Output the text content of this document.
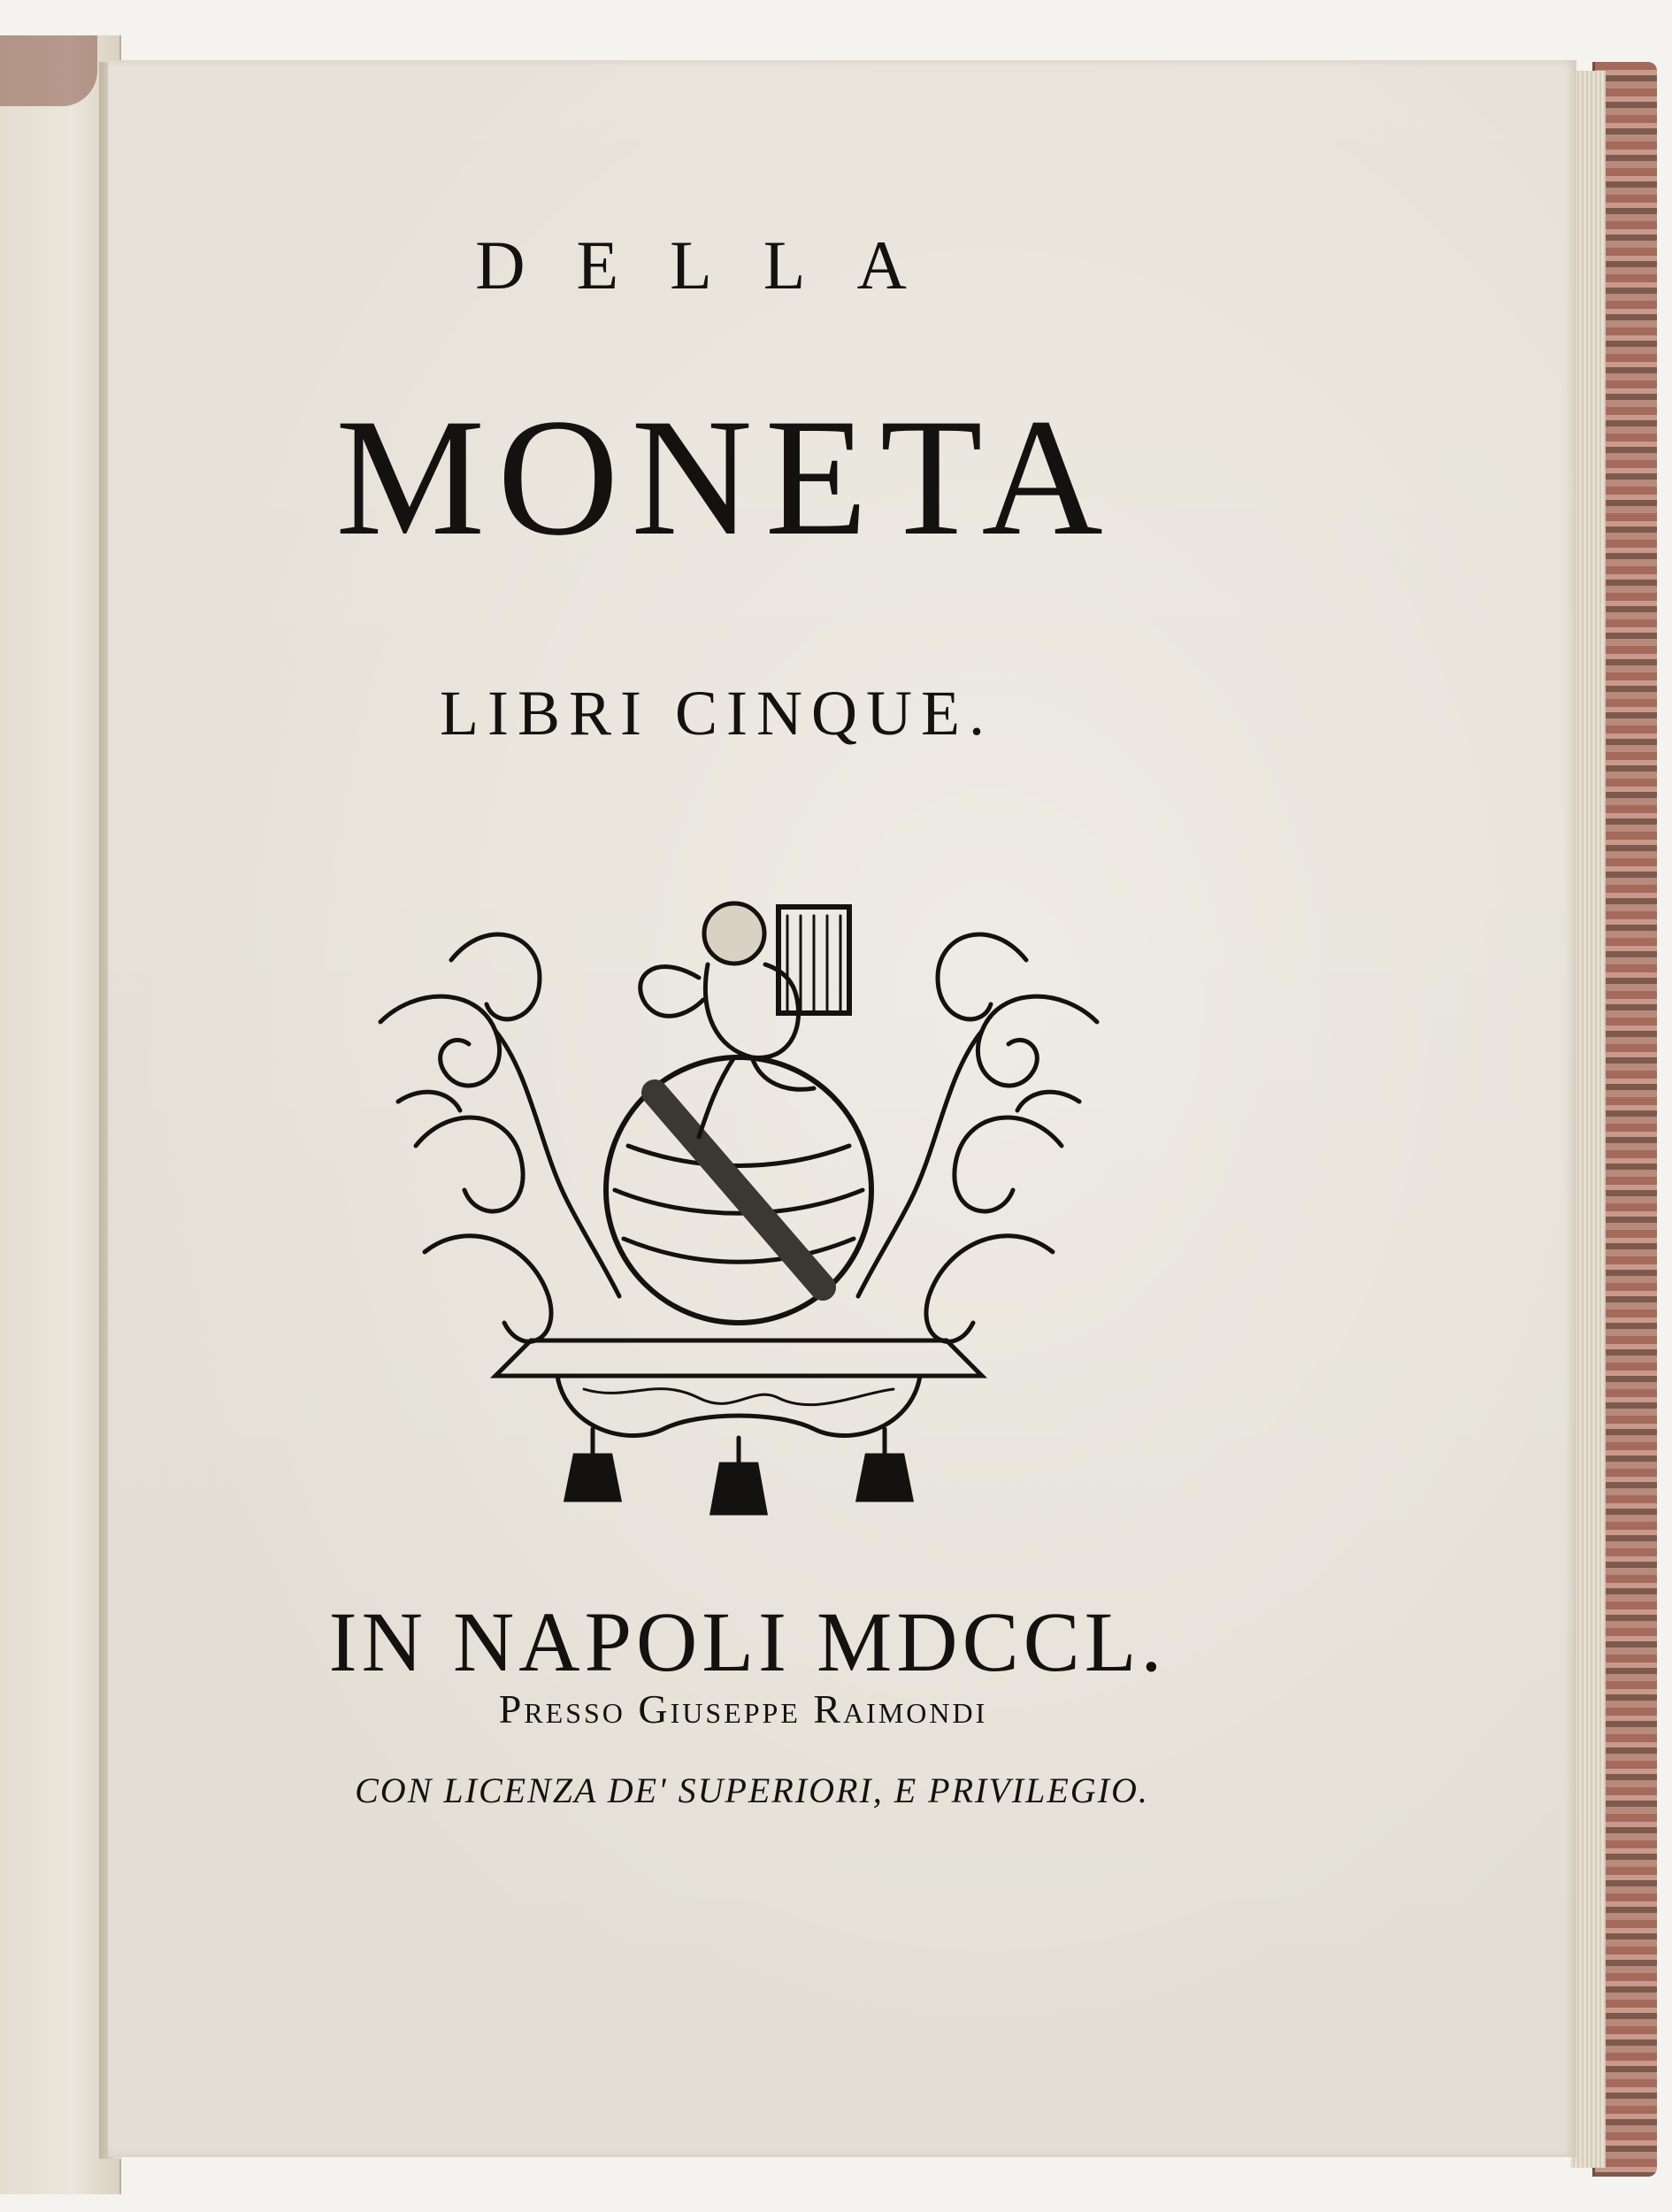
DELLA
MONETA
LIBRI CINQUE.
IN NAPOLI MDCCL.
Presso Giuseppe Raimondi
CON LICENZA DE' SUPERIORI, E PRIVILEGIO.
